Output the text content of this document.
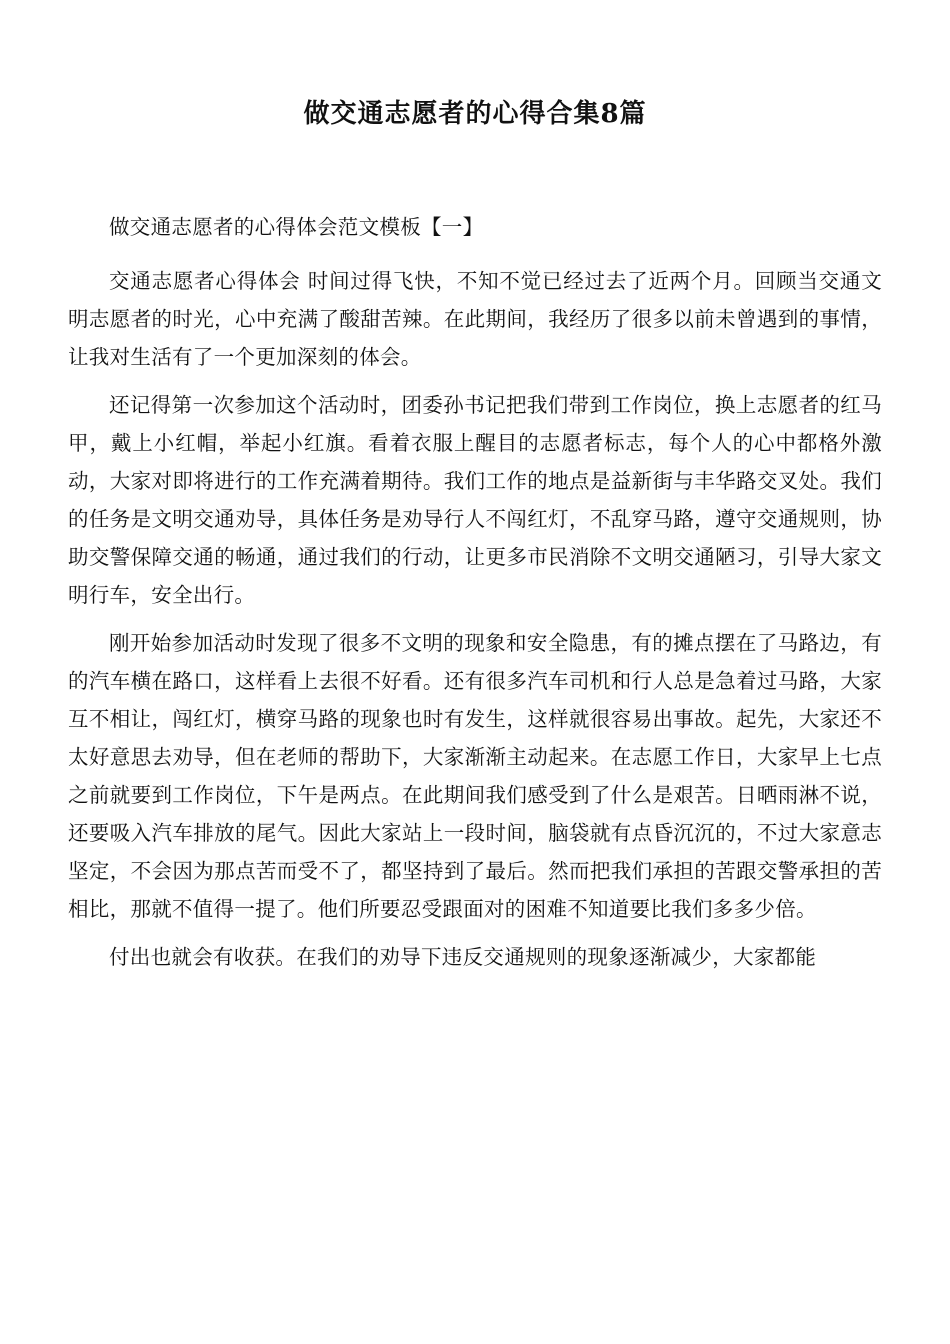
做交通志愿者的心得合集8篇

做交通志愿者的心得体会范文模板【一】

交通志愿者心得体会 时间过得飞快，不知不觉已经过去了近两个月。回顾当交通文明志愿者的时光，心中充满了酸甜苦辣。在此期间，我经历了很多以前未曾遇到的事情，让我对生活有了一个更加深刻的体会。

还记得第一次参加这个活动时，团委孙书记把我们带到工作岗位，换上志愿者的红马甲，戴上小红帽，举起小红旗。看着衣服上醒目的志愿者标志，每个人的心中都格外激动，大家对即将进行的工作充满着期待。我们工作的地点是益新街与丰华路交叉处。我们的任务是文明交通劝导，具体任务是劝导行人不闯红灯，不乱穿马路，遵守交通规则，协助交警保障交通的畅通，通过我们的行动，让更多市民消除不文明交通陋习，引导大家文明行车，安全出行。

刚开始参加活动时发现了很多不文明的现象和安全隐患，有的摊点摆在了马路边，有的汽车横在路口，这样看上去很不好看。还有很多汽车司机和行人总是急着过马路，大家互不相让，闯红灯，横穿马路的现象也时有发生，这样就很容易出事故。起先，大家还不太好意思去劝导，但在老师的帮助下，大家渐渐主动起来。在志愿工作日，大家早上七点之前就要到工作岗位，下午是两点。在此期间我们感受到了什么是艰苦。日晒雨淋不说，还要吸入汽车排放的尾气。因此大家站上一段时间，脑袋就有点昏沉沉的，不过大家意志坚定，不会因为那点苦而受不了，都坚持到了最后。然而把我们承担的苦跟交警承担的苦相比，那就不值得一提了。他们所要忍受跟面对的困难不知道要比我们多多少倍。

付出也就会有收获。在我们的劝导下违反交通规则的现象逐渐减少，大家都能
